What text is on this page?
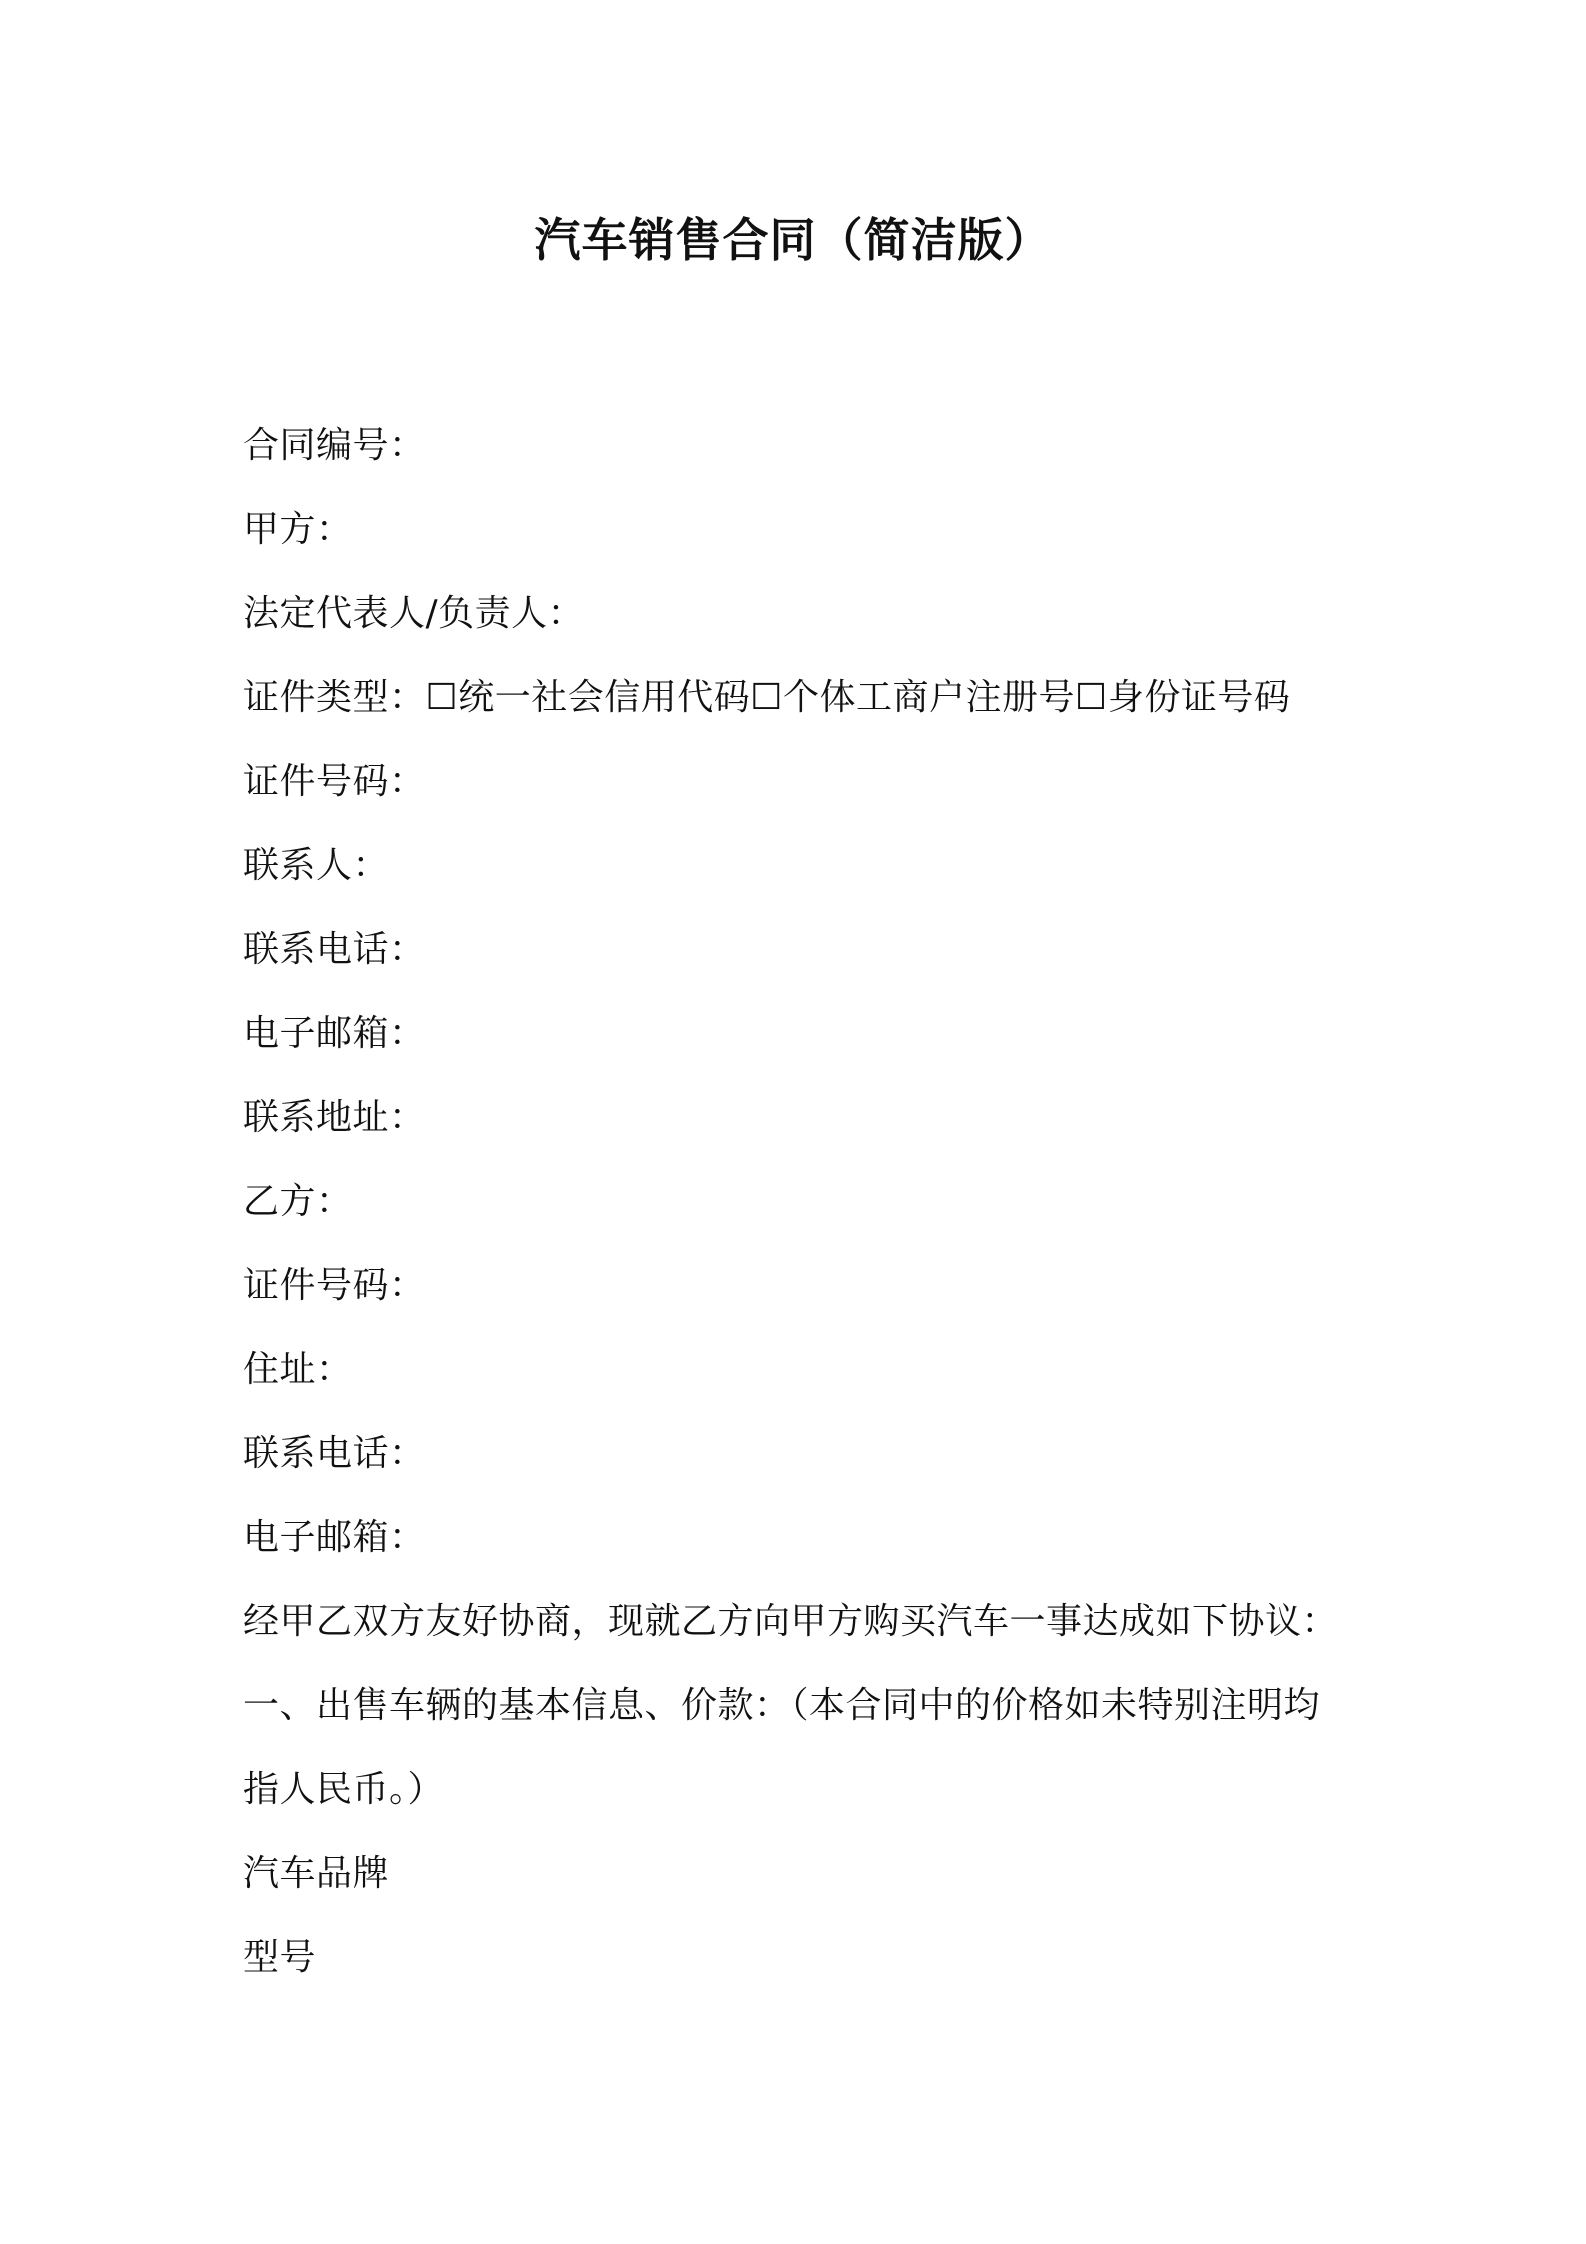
汽车销售合同（简洁版）
合同编号：
甲方：
法定代表人/负责人：
证件类型：☐统一社会信用代码☐个体工商户注册号☐身份证号码
证件号码：
联系人：
联系电话：
电子邮箱：
联系地址：
乙方：
证件号码：
住址：
联系电话：
电子邮箱：
经甲乙双方友好协商，现就乙方向甲方购买汽车一事达成如下协议：
一、出售车辆的基本信息、价款：（本合同中的价格如未特别注明均
指人民币。）
汽车品牌
型号
